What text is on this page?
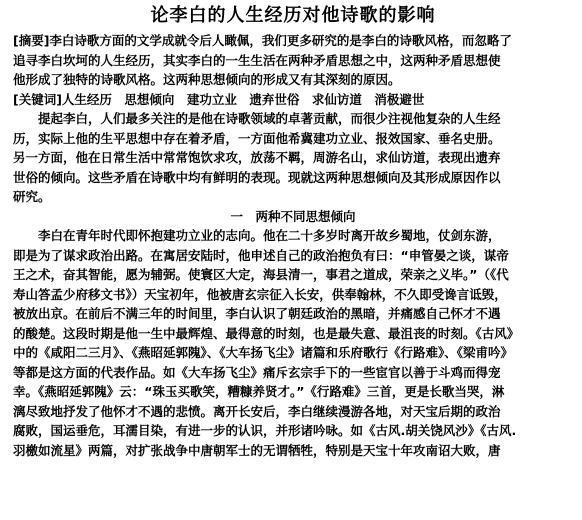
论李白的人生经历对他诗歌的影响

[摘要]李白诗歌方面的文学成就令后人瞰佩，我们更多研究的是李白的诗歌风格，而忽略了

追寻李白坎坷的人生经历，其实李白的一生生活在两种矛盾思想之中，这两种矛盾思想使

他形成了独特的诗歌风格。这两种思想倾向的形成又有其深刻的原因。

[关键词]人生经历　思想倾向　建功立业　遗弃世俗　求仙访道　消极避世

提起李白，人们最多关注的是他在诗歌领域的卓著贡献，而很少注视他复杂的人生经

历，实际上他的生平思想中存在着矛盾，一方面他希冀建功立业、报效国家、垂名史册。

另一方面，他在日常生活中常常饱饮求攻，放荡不羁，周游名山，求仙访道，表现出遗弃

世俗的倾向。这些矛盾在诗歌中均有鲜明的表现。现就这两种思想倾向及其形成原因作以

研究。

一　两种不同思想倾向

李白在青年时代即怀抱建功立业的志向。他在二十多岁时离开故乡蜀地，仗剑东游，

即是为了谋求政治出路。在寓居安陆时，他申述自己的政治抱负有曰：“申管晏之谈，谋帝

王之术，奋其智能，愿为辅弼。使寰区大定，海县清一，事君之道成，荣亲之义毕。”（《代

寿山答孟少府移文书》）天宝初年，他被唐玄宗征入长安，供奉翰林，不久即受谗言诋毁，

被放出京。在前后不满三年的时间里，李白认识了朝廷政治的黑暗，并痛感自己怀才不遇

的酸楚。这段时期是他一生中最辉煌、最得意的时刻，也是最失意、最沮丧的时刻。《古风》

中的《咸阳二三月》、《燕昭延郭隗》、《大车扬飞尘》诸篇和乐府歌行《行路难》、《梁甫吟》

等都是这方面的代表作品。如《大车扬飞尘》痛斥玄宗手下的一些宦官以善于斗鸡而得宠

幸。《燕昭延郭隗》云：“珠玉买歌笑，糟糠养贤才。”《行路难》三首，更是长歌当哭，淋

漓尽致地抒发了他怀才不遇的悲愤。离开长安后，李白继续漫游各地，对天宝后期的政治

腐败，国运垂危，耳濡目染，有进一步的认识，并形诸吟咏。如《古风.胡关饶风沙》《古风.

羽檄如流星》两篇，对扩张战争中唐朝军士的无谓牺牲，特别是天宝十年攻南诏大败，唐
